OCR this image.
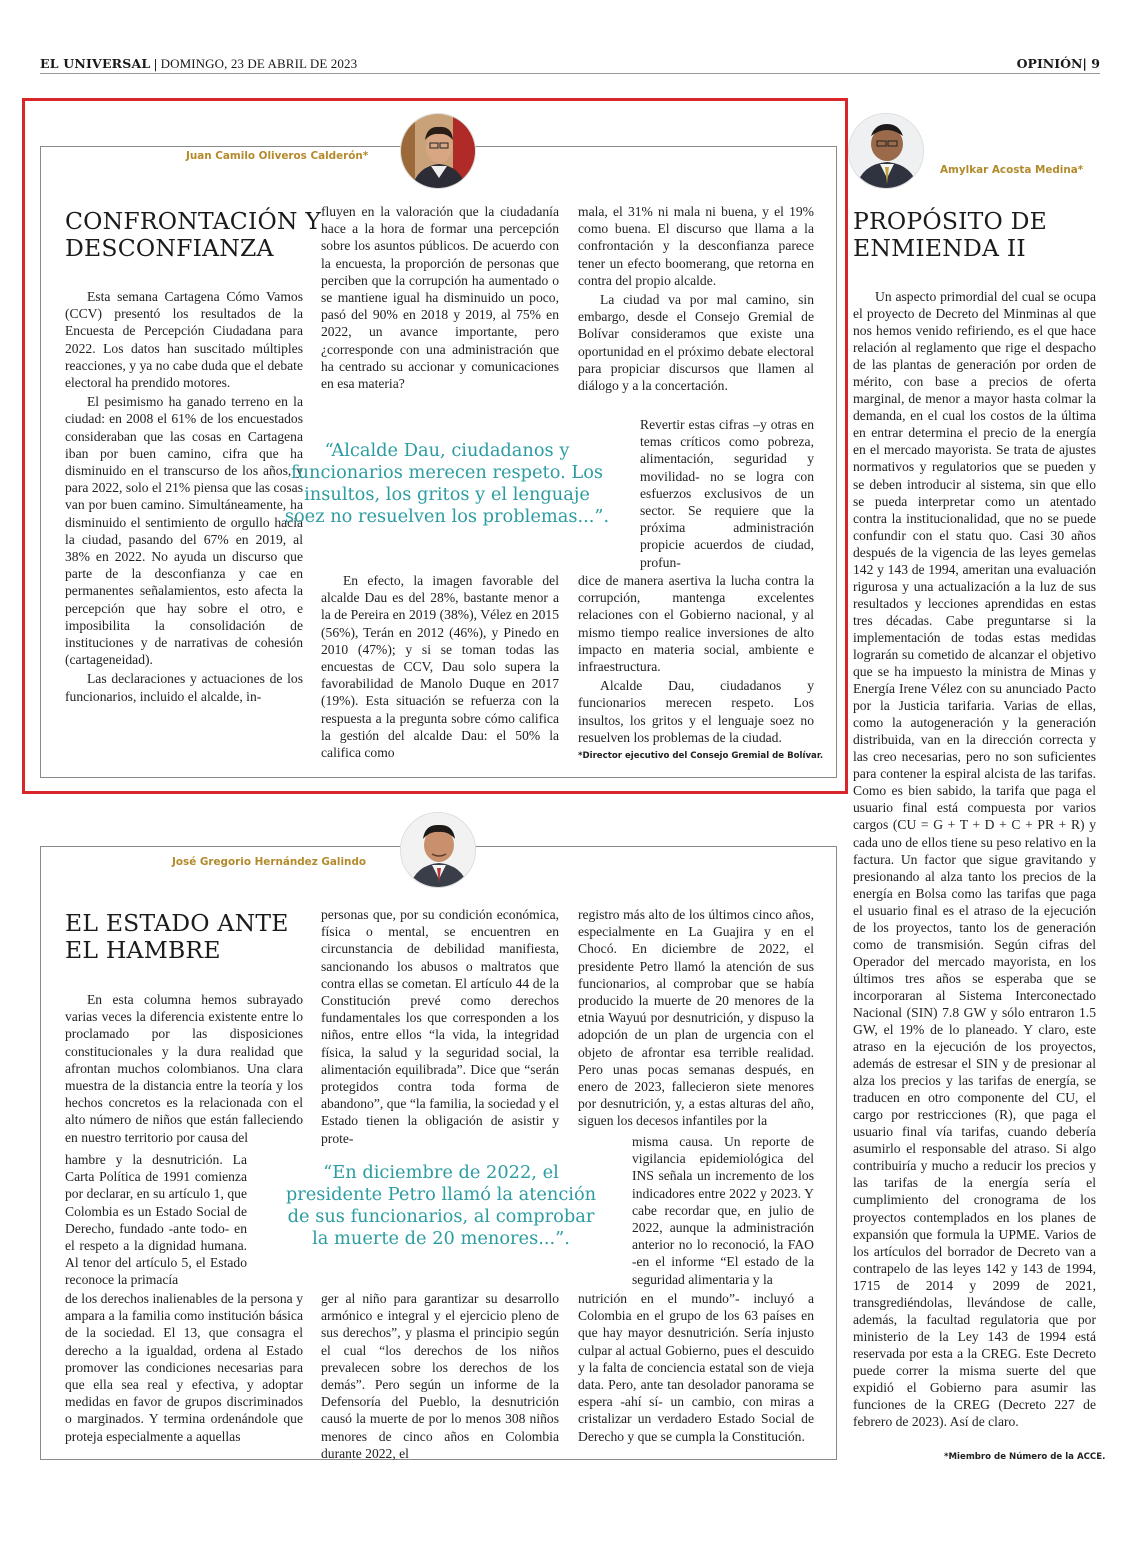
EL UNIVERSAL | DOMINGO, 23 DE ABRIL DE 2023	OPINIÓN| 9
Juan Camilo Oliveros Calderón*
CONFRONTACIÓN Y
DESCONFIANZA

Esta semana Cartagena Cómo Vamos (CCV) presentó los resultados de la Encuesta de Percepción Ciudadana para 2022. Los datos han suscitado múltiples reacciones, y ya no cabe duda que el debate electoral ha prendido motores.

El pesimismo ha ganado terreno en la ciudad: en 2008 el 61% de los encuestados consideraban que las cosas en Cartagena iban por buen camino, cifra que ha disminuido en el transcurso de los años, y para 2022, solo el 21% piensa que las cosas van por buen camino. Simultáneamente, ha disminuido el sentimiento de orgullo hacia la ciudad, pasando del 67% en 2019, al 38% en 2022. No ayuda un discurso que parte de la desconfianza y cae en permanentes señalamientos, esto afecta la percepción que hay sobre el otro, e imposibilita la consolidación de instituciones y de narrativas de cohesión (cartageneidad).

Las declaraciones y actuaciones de los funcionarios, incluido el alcalde, in-

fluyen en la valoración que la ciudadanía hace a la hora de formar una percepción sobre los asuntos públicos. De acuerdo con la encuesta, la proporción de personas que perciben que la corrupción ha aumentado o se mantiene igual ha disminuido un poco, pasó del 90% en 2018 y 2019, al 75% en 2022, un avance importante, pero ¿corresponde con una administración que ha centrado su accionar y comunicaciones en esa materia?

En efecto, la imagen favorable del alcalde Dau es del 28%, bastante menor a la de Pereira en 2019 (38%), Vélez en 2015 (56%), Terán en 2012 (46%), y Pinedo en 2010 (47%); y si se toman todas las encuestas de CCV, Dau solo supera la favorabilidad de Manolo Duque en 2017 (19%). Esta situación se refuerza con la respuesta a la pregunta sobre cómo califica la gestión del alcalde Dau: el 50% la califica como

mala, el 31% ni mala ni buena, y el 19% como buena. El discurso que llama a la confrontación y la desconfianza parece tener un efecto boomerang, que retorna en contra del propio alcalde.

La ciudad va por mal camino, sin embargo, desde el Consejo Gremial de Bolívar consideramos que existe una oportunidad en el próximo debate electoral para propiciar discursos que llamen al diálogo y a la concertación.

Revertir estas cifras –y otras en temas críticos como pobreza, alimentación, seguridad y movilidad- no se logra con esfuerzos exclusivos de un sector. Se requiere que la próxima administración propicie acuerdos de ciudad, profun-

dice de manera asertiva la lucha contra la corrupción, mantenga excelentes relaciones con el Gobierno nacional, y al mismo tiempo realice inversiones de alto impacto en materia social, ambiente e infraestructura.

Alcalde Dau, ciudadanos y funcionarios merecen respeto. Los insultos, los gritos y el lenguaje soez no resuelven los problemas de la ciudad.

“Alcalde Dau, ciudadanos y
funcionarios merecen respeto. Los
insultos, los gritos y el lenguaje
soez no resuelven los problemas...”.
*Director ejecutivo del Consejo Gremial de Bolívar.
José Gregorio Hernández Galindo
EL ESTADO ANTE
EL HAMBRE

En esta columna hemos subrayado varias veces la diferencia existente entre lo proclamado por las disposiciones constitucionales y la dura realidad que afrontan muchos colombianos. Una clara muestra de la distancia entre la teoría y los hechos concretos es la relacionada con el alto número de niños que están falleciendo en nuestro territorio por causa del

hambre y la desnutrición. La Carta Política de 1991 comienza por declarar, en su artículo 1, que Colombia es un Estado Social de Derecho, fundado -ante todo- en el respeto a la dignidad humana. Al tenor del artículo 5, el Estado reconoce la primacía

de los derechos inalienables de la persona y ampara a la familia como institución básica de la sociedad. El 13, que consagra el derecho a la igualdad, ordena al Estado promover las condiciones necesarias para que ella sea real y efectiva, y adoptar medidas en favor de grupos discriminados o marginados. Y termina ordenándole que proteja especialmente a aquellas

personas que, por su condición económica, física o mental, se encuentren en circunstancia de debilidad manifiesta, sancionando los abusos o maltratos que contra ellas se cometan. El artículo 44 de la Constitución prevé como derechos fundamentales los que corresponden a los niños, entre ellos “la vida, la integridad física, la salud y la seguridad social, la alimentación equilibrada”. Dice que “serán protegidos contra toda forma de abandono”, que “la familia, la sociedad y el Estado tienen la obligación de asistir y prote-

ger al niño para garantizar su desarrollo armónico e integral y el ejercicio pleno de sus derechos”, y plasma el principio según el cual “los derechos de los niños prevalecen sobre los derechos de los demás”. Pero según un informe de la Defensoría del Pueblo, la desnutrición causó la muerte de por lo menos 308 niños menores de cinco años en Colombia durante 2022, el

registro más alto de los últimos cinco años, especialmente en La Guajira y en el Chocó. En diciembre de 2022, el presidente Petro llamó la atención de sus funcionarios, al comprobar que se había producido la muerte de 20 menores de la etnia Wayuú por desnutrición, y dispuso la adopción de un plan de urgencia con el objeto de afrontar esa terrible realidad. Pero unas pocas semanas después, en enero de 2023, fallecieron siete menores por desnutrición, y, a estas alturas del año, siguen los decesos infantiles por la

misma causa. Un reporte de vigilancia epidemiológica del INS señala un incremento de los indicadores entre 2022 y 2023. Y cabe recordar que, en julio de 2022, aunque la administración anterior no lo reconoció, la FAO -en el informe “El estado de la seguridad alimentaria y la

nutrición en el mundo”- incluyó a Colombia en el grupo de los 63 países en que hay mayor desnutrición. Sería injusto culpar al actual Gobierno, pues el descuido y la falta de conciencia estatal son de vieja data. Pero, ante tan desolador panorama se espera -ahí sí- un cambio, con miras a cristalizar un verdadero Estado Social de Derecho y que se cumpla la Constitución.

“En diciembre de 2022, el
presidente Petro llamó la atención
de sus funcionarios, al comprobar
la muerte de 20 menores...”.
Amylkar Acosta Medina*
PROPÓSITO DE
ENMIENDA II

Un aspecto primordial del cual se ocupa el proyecto de Decreto del Minminas al que nos hemos venido refiriendo, es el que hace relación al reglamento que rige el despacho de las plantas de generación por orden de mérito, con base a precios de oferta marginal, de menor a mayor hasta colmar la demanda, en el cual los costos de la última en entrar determina el precio de la energía en el mercado mayorista. Se trata de ajustes normativos y regulatorios que se pueden y se deben introducir al sistema, sin que ello se pueda interpretar como un atentado contra la institucionalidad, que no se puede confundir con el statu quo. Casi 30 años después de la vigencia de las leyes gemelas 142 y 143 de 1994, ameritan una evaluación rigurosa y una actualización a la luz de sus resultados y lecciones aprendidas en estas tres décadas. Cabe preguntarse si la implementación de todas estas medidas lograrán su cometido de alcanzar el objetivo que se ha impuesto la ministra de Minas y Energía Irene Vélez con su anunciado Pacto por la Justicia tarifaria. Varias de ellas, como la autogeneración y la generación distribuida, van en la dirección correcta y las creo necesarias, pero no son suficientes para contener la espiral alcista de las tarifas. Como es bien sabido, la tarifa que paga el usuario final está compuesta por varios cargos (CU = G + T + D + C + PR + R) y cada uno de ellos tiene su peso relativo en la factura. Un factor que sigue gravitando y presionando al alza tanto los precios de la energía en Bolsa como las tarifas que paga el usuario final es el atraso de la ejecución de los proyectos, tanto los de generación como de transmisión. Según cifras del Operador del mercado mayorista, en los últimos tres años se esperaba que se incorporaran al Sistema Interconectado Nacional (SIN) 7.8 GW y sólo entraron 1.5 GW, el 19% de lo planeado. Y claro, este atraso en la ejecución de los proyectos, además de estresar el SIN y de presionar al alza los precios y las tarifas de energía, se traducen en otro componente del CU, el cargo por restricciones (R), que paga el usuario final vía tarifas, cuando debería asumirlo el responsable del atraso. Si algo contribuiría y mucho a reducir los precios y las tarifas de la energía sería el cumplimiento del cronograma de los proyectos contemplados en los planes de expansión que formula la UPME. Varios de los artículos del borrador de Decreto van a contrapelo de las leyes 142 y 143 de 1994, 1715 de 2014 y 2099 de 2021, transgrediéndolas, llevándose de calle, además, la facultad regulatoria que por ministerio de la Ley 143 de 1994 está reservada por esta a la CREG. Este Decreto puede correr la misma suerte del que expidió el Gobierno para asumir las funciones de la CREG (Decreto 227 de febrero de 2023). Así de claro.

*Miembro de Número de la ACCE.
